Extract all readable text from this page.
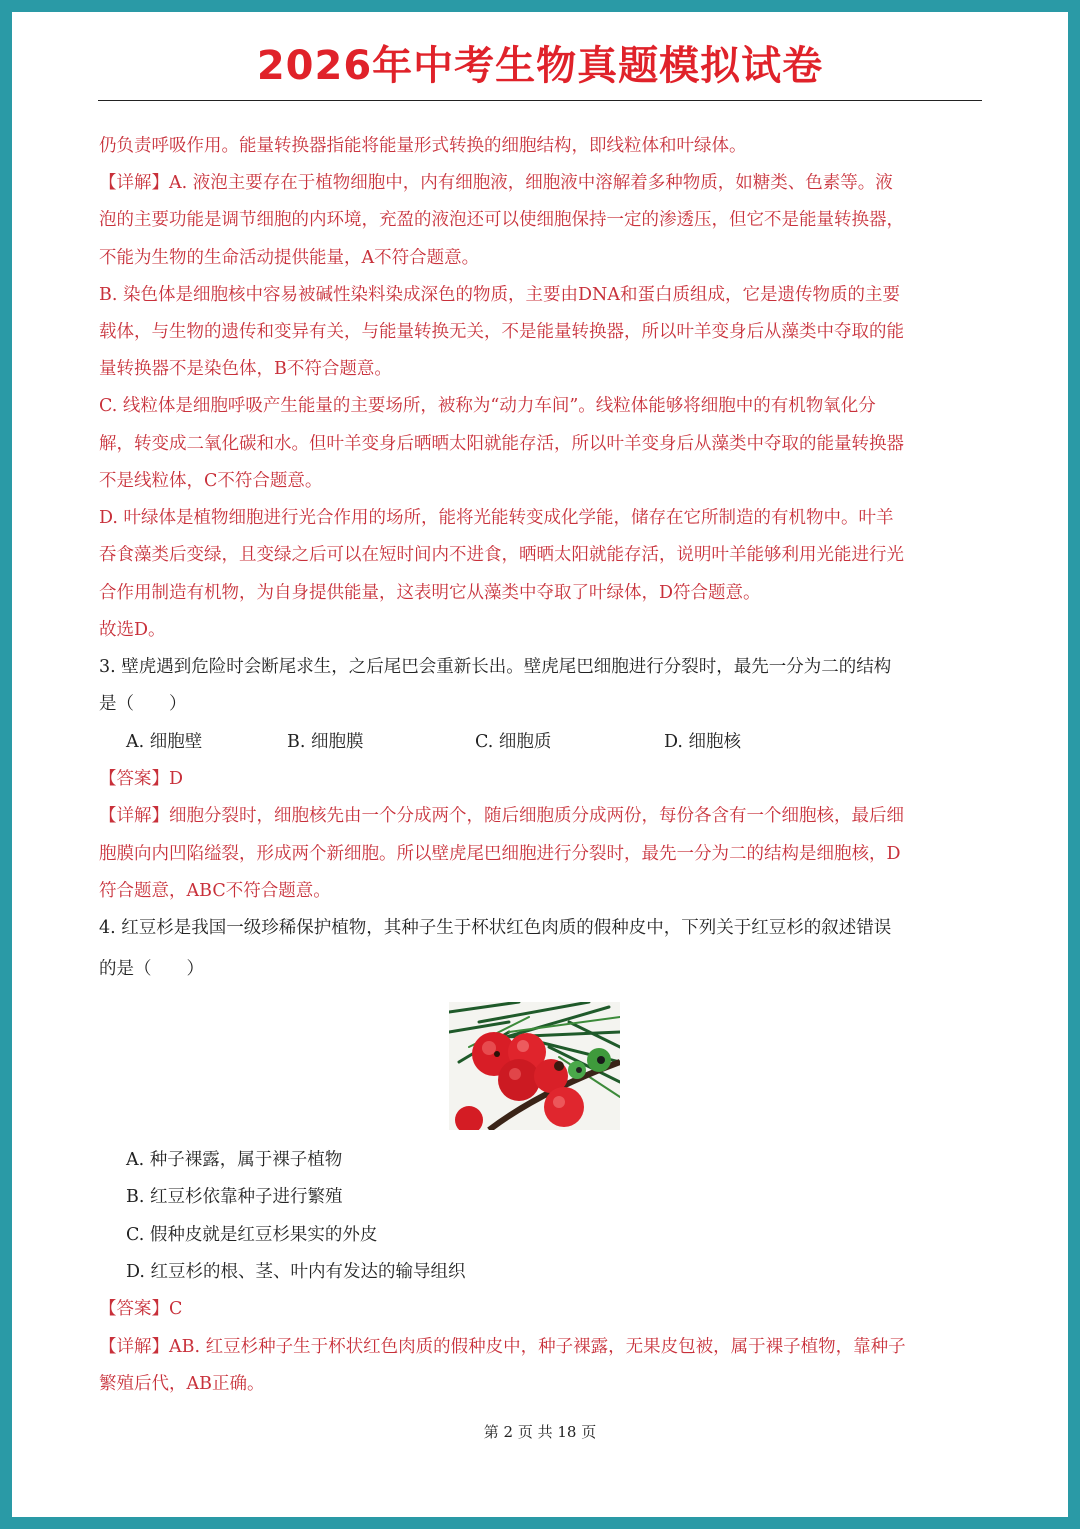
2026年中考生物真题模拟试卷
仍负责呼吸作用。能量转换器指能将能量形式转换的细胞结构，即线粒体和叶绿体。
【详解】A. 液泡主要存在于植物细胞中，内有细胞液，细胞液中溶解着多种物质，如糖类、色素等。液
泡的主要功能是调节细胞的内环境，充盈的液泡还可以使细胞保持一定的渗透压，但它不是能量转换器，
不能为生物的生命活动提供能量，A不符合题意。
B. 染色体是细胞核中容易被碱性染料染成深色的物质，主要由DNA和蛋白质组成，它是遗传物质的主要
载体，与生物的遗传和变异有关，与能量转换无关，不是能量转换器，所以叶羊变身后从藻类中夺取的能
量转换器不是染色体，B不符合题意。
C. 线粒体是细胞呼吸产生能量的主要场所，被称为“动力车间”。线粒体能够将细胞中的有机物氧化分
解，转变成二氧化碳和水。但叶羊变身后晒晒太阳就能存活，所以叶羊变身后从藻类中夺取的能量转换器
不是线粒体，C不符合题意。
D. 叶绿体是植物细胞进行光合作用的场所，能将光能转变成化学能，储存在它所制造的有机物中。叶羊
吞食藻类后变绿，且变绿之后可以在短时间内不进食，晒晒太阳就能存活，说明叶羊能够利用光能进行光
合作用制造有机物，为自身提供能量，这表明它从藻类中夺取了叶绿体，D符合题意。
故选D。
3. 壁虎遇到危险时会断尾求生，之后尾巴会重新长出。壁虎尾巴细胞进行分裂时，最先一分为二的结构
是（　　）
A. 细胞壁	B. 细胞膜	C. 细胞质	D. 细胞核
【答案】D
【详解】细胞分裂时，细胞核先由一个分成两个，随后细胞质分成两份，每份各含有一个细胞核，最后细
胞膜向内凹陷缢裂，形成两个新细胞。所以壁虎尾巴细胞进行分裂时，最先一分为二的结构是细胞核，D
符合题意，ABC不符合题意。
4. 红豆杉是我国一级珍稀保护植物，其种子生于杯状红色肉质的假种皮中，下列关于红豆杉的叙述错误
的是（　　）
A. 种子裸露，属于裸子植物
B. 红豆杉依靠种子进行繁殖
C. 假种皮就是红豆杉果实的外皮
D. 红豆杉的根、茎、叶内有发达的输导组织
【答案】C
【详解】AB. 红豆杉种子生于杯状红色肉质的假种皮中，种子裸露，无果皮包被，属于裸子植物，靠种子
繁殖后代，AB正确。
第 2 页 共 18 页
